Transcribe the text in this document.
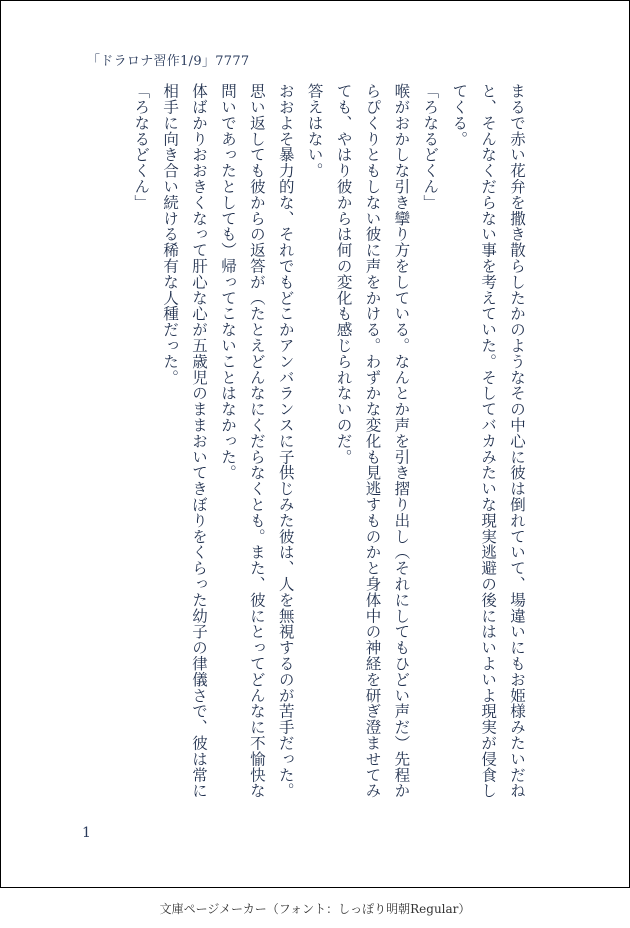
「ドラロナ習作1/9」7777

まるで赤い花弁を撒き散らしたかのようなその中心に彼は倒れていて、場違いにもお姫様みたいだねと、そんなくだらない事を考えていた。そしてバカみたいな現実逃避の後にはいよいよ現実が侵食してくる。

「ろなるどくん」

喉がおかしな引き攣り方をしている。なんとか声を引き摺り出し（それにしてもひどい声だ）先程からぴくりともしない彼に声をかける。わずかな変化も見逃すものかと身体中の神経を研ぎ澄ませてみても、やはり彼からは何の変化も感じられないのだ。

答えはない。

おおよそ暴力的な、それでもどこかアンバランスに子供じみた彼は、人を無視するのが苦手だった。思い返しても彼からの返答が（たとえどんなにくだらなくとも。また、彼にとってどんなに不愉快な問いであったとしても）帰ってこないことはなかった。

体ばかりおおきくなって肝心な心が五歳児のままおいてきぼりをくらった幼子の律儀さで、彼は常に相手に向き合い続ける稀有な人種だった。

「ろなるどくん」

1
文庫ページメーカー（フォント：しっぽり明朝Regular）
